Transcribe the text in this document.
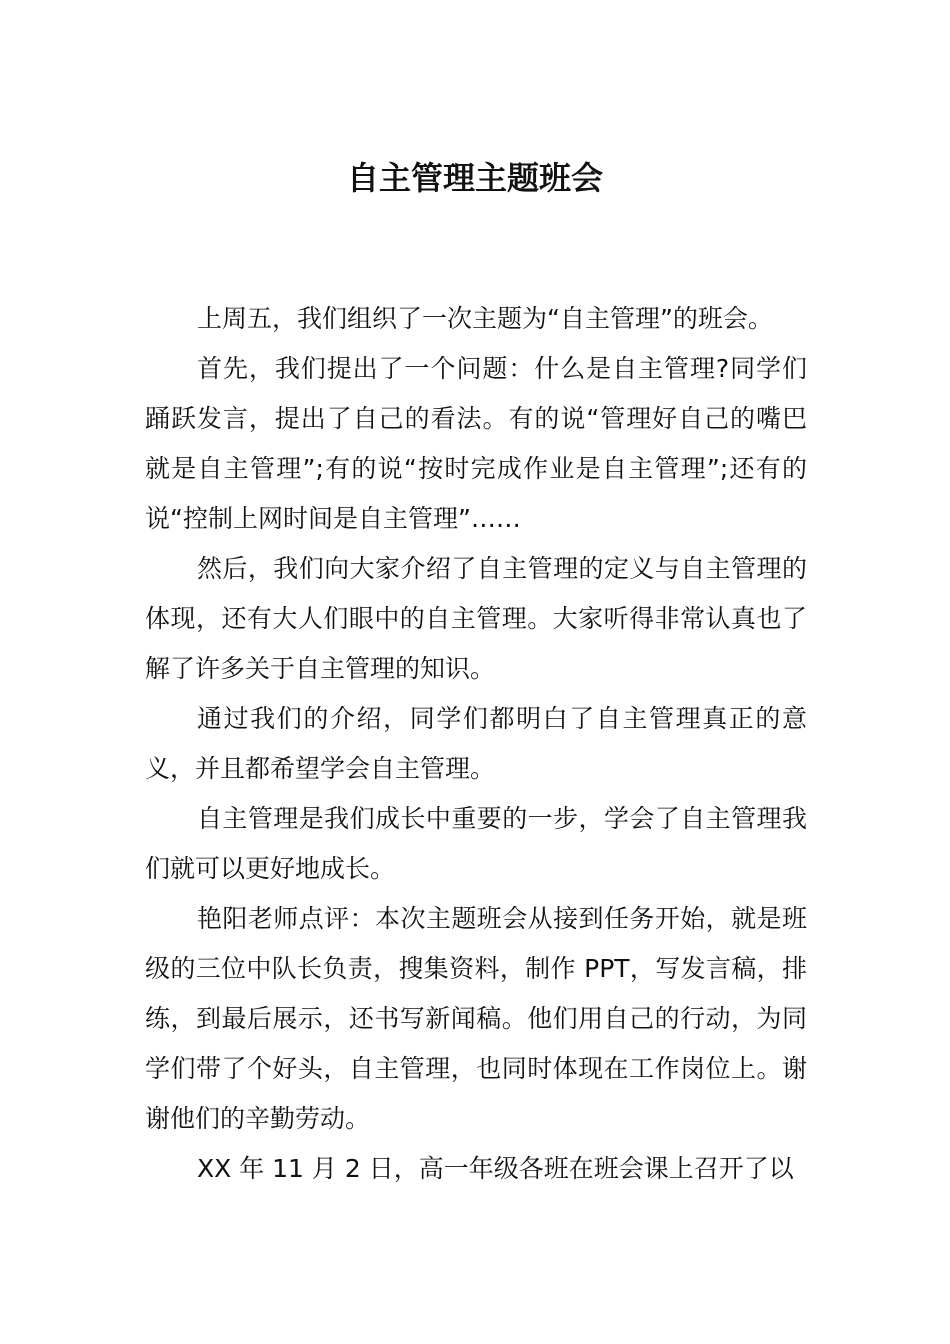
自主管理主题班会

上周五，我们组织了一次主题为“自主管理”的班会。

首先，我们提出了一个问题：什么是自主管理?同学们踊跃发言，提出了自己的看法。有的说“管理好自己的嘴巴就是自主管理”;有的说“按时完成作业是自主管理”;还有的说“控制上网时间是自主管理”……

然后，我们向大家介绍了自主管理的定义与自主管理的体现，还有大人们眼中的自主管理。大家听得非常认真也了解了许多关于自主管理的知识。

通过我们的介绍，同学们都明白了自主管理真正的意义，并且都希望学会自主管理。

自主管理是我们成长中重要的一步，学会了自主管理我们就可以更好地成长。

艳阳老师点评：本次主题班会从接到任务开始，就是班级的三位中队长负责，搜集资料，制作 PPT，写发言稿，排练，到最后展示，还书写新闻稿。他们用自己的行动，为同学们带了个好头，自主管理，也同时体现在工作岗位上。谢谢他们的辛勤劳动。

XX 年 11 月 2 日，高一年级各班在班会课上召开了以
